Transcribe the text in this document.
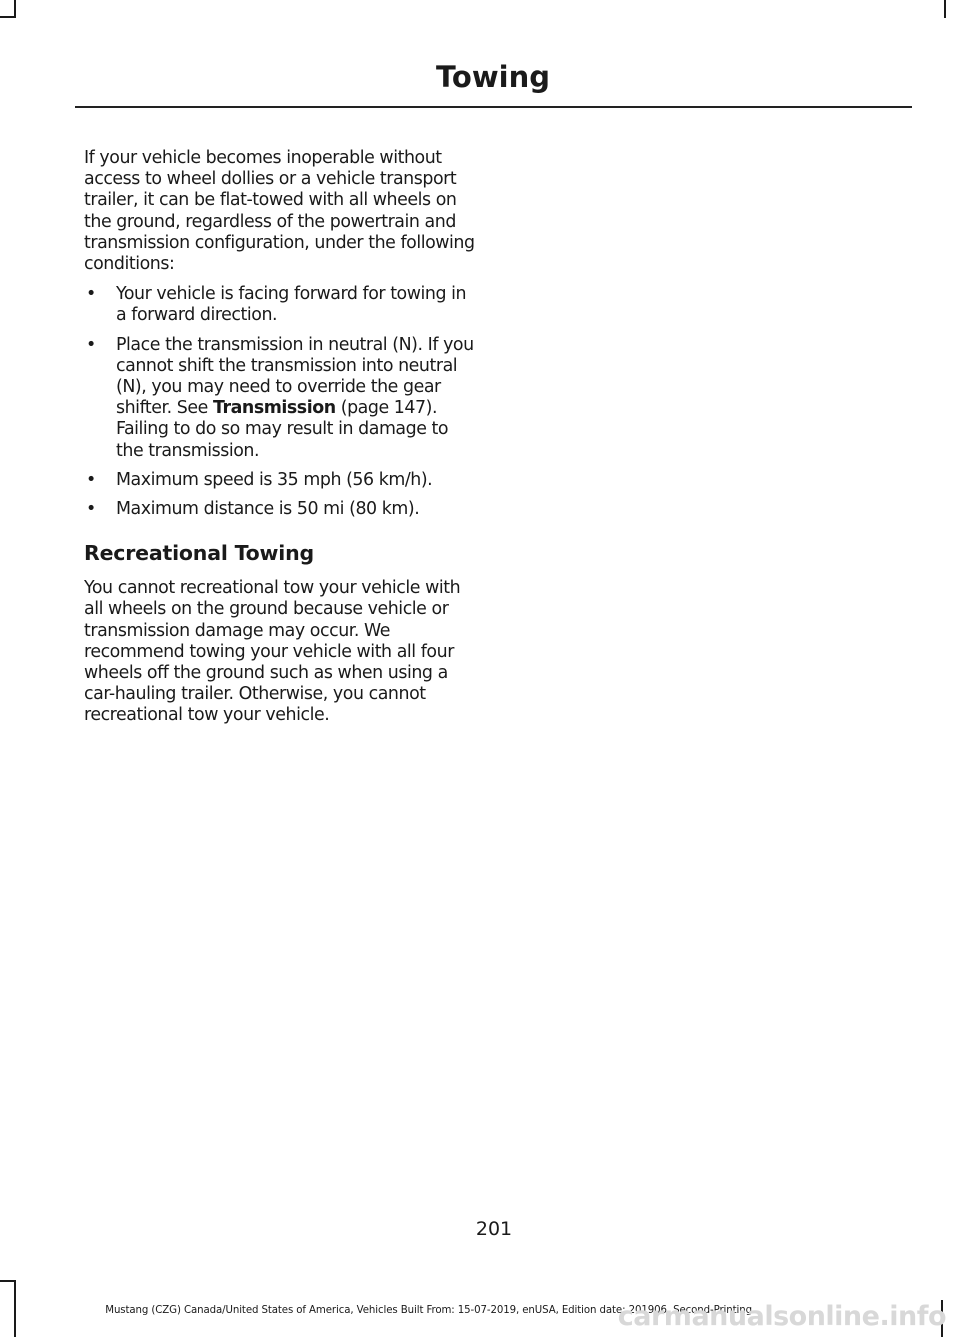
Towing

If your vehicle becomes inoperable without access to wheel dollies or a vehicle transport trailer, it can be flat-towed with all wheels on the ground, regardless of the powertrain and transmission configuration, under the following conditions:

• Your vehicle is facing forward for towing in a forward direction.
• Place the transmission in neutral (N). If you cannot shift the transmission into neutral (N), you may need to override the gear shifter. See Transmission (page 147). Failing to do so may result in damage to the transmission.
• Maximum speed is 35 mph (56 km/h).
• Maximum distance is 50 mi (80 km).
Recreational Towing

You cannot recreational tow your vehicle with all wheels on the ground because vehicle or transmission damage may occur. We recommend towing your vehicle with all four wheels off the ground such as when using a car-hauling trailer. Otherwise, you cannot recreational tow your vehicle.

201
Mustang (CZG) Canada/United States of America, Vehicles Built From: 15-07-2019, enUSA, Edition date: 201906, Second-Printing
carmanualsonline.info
